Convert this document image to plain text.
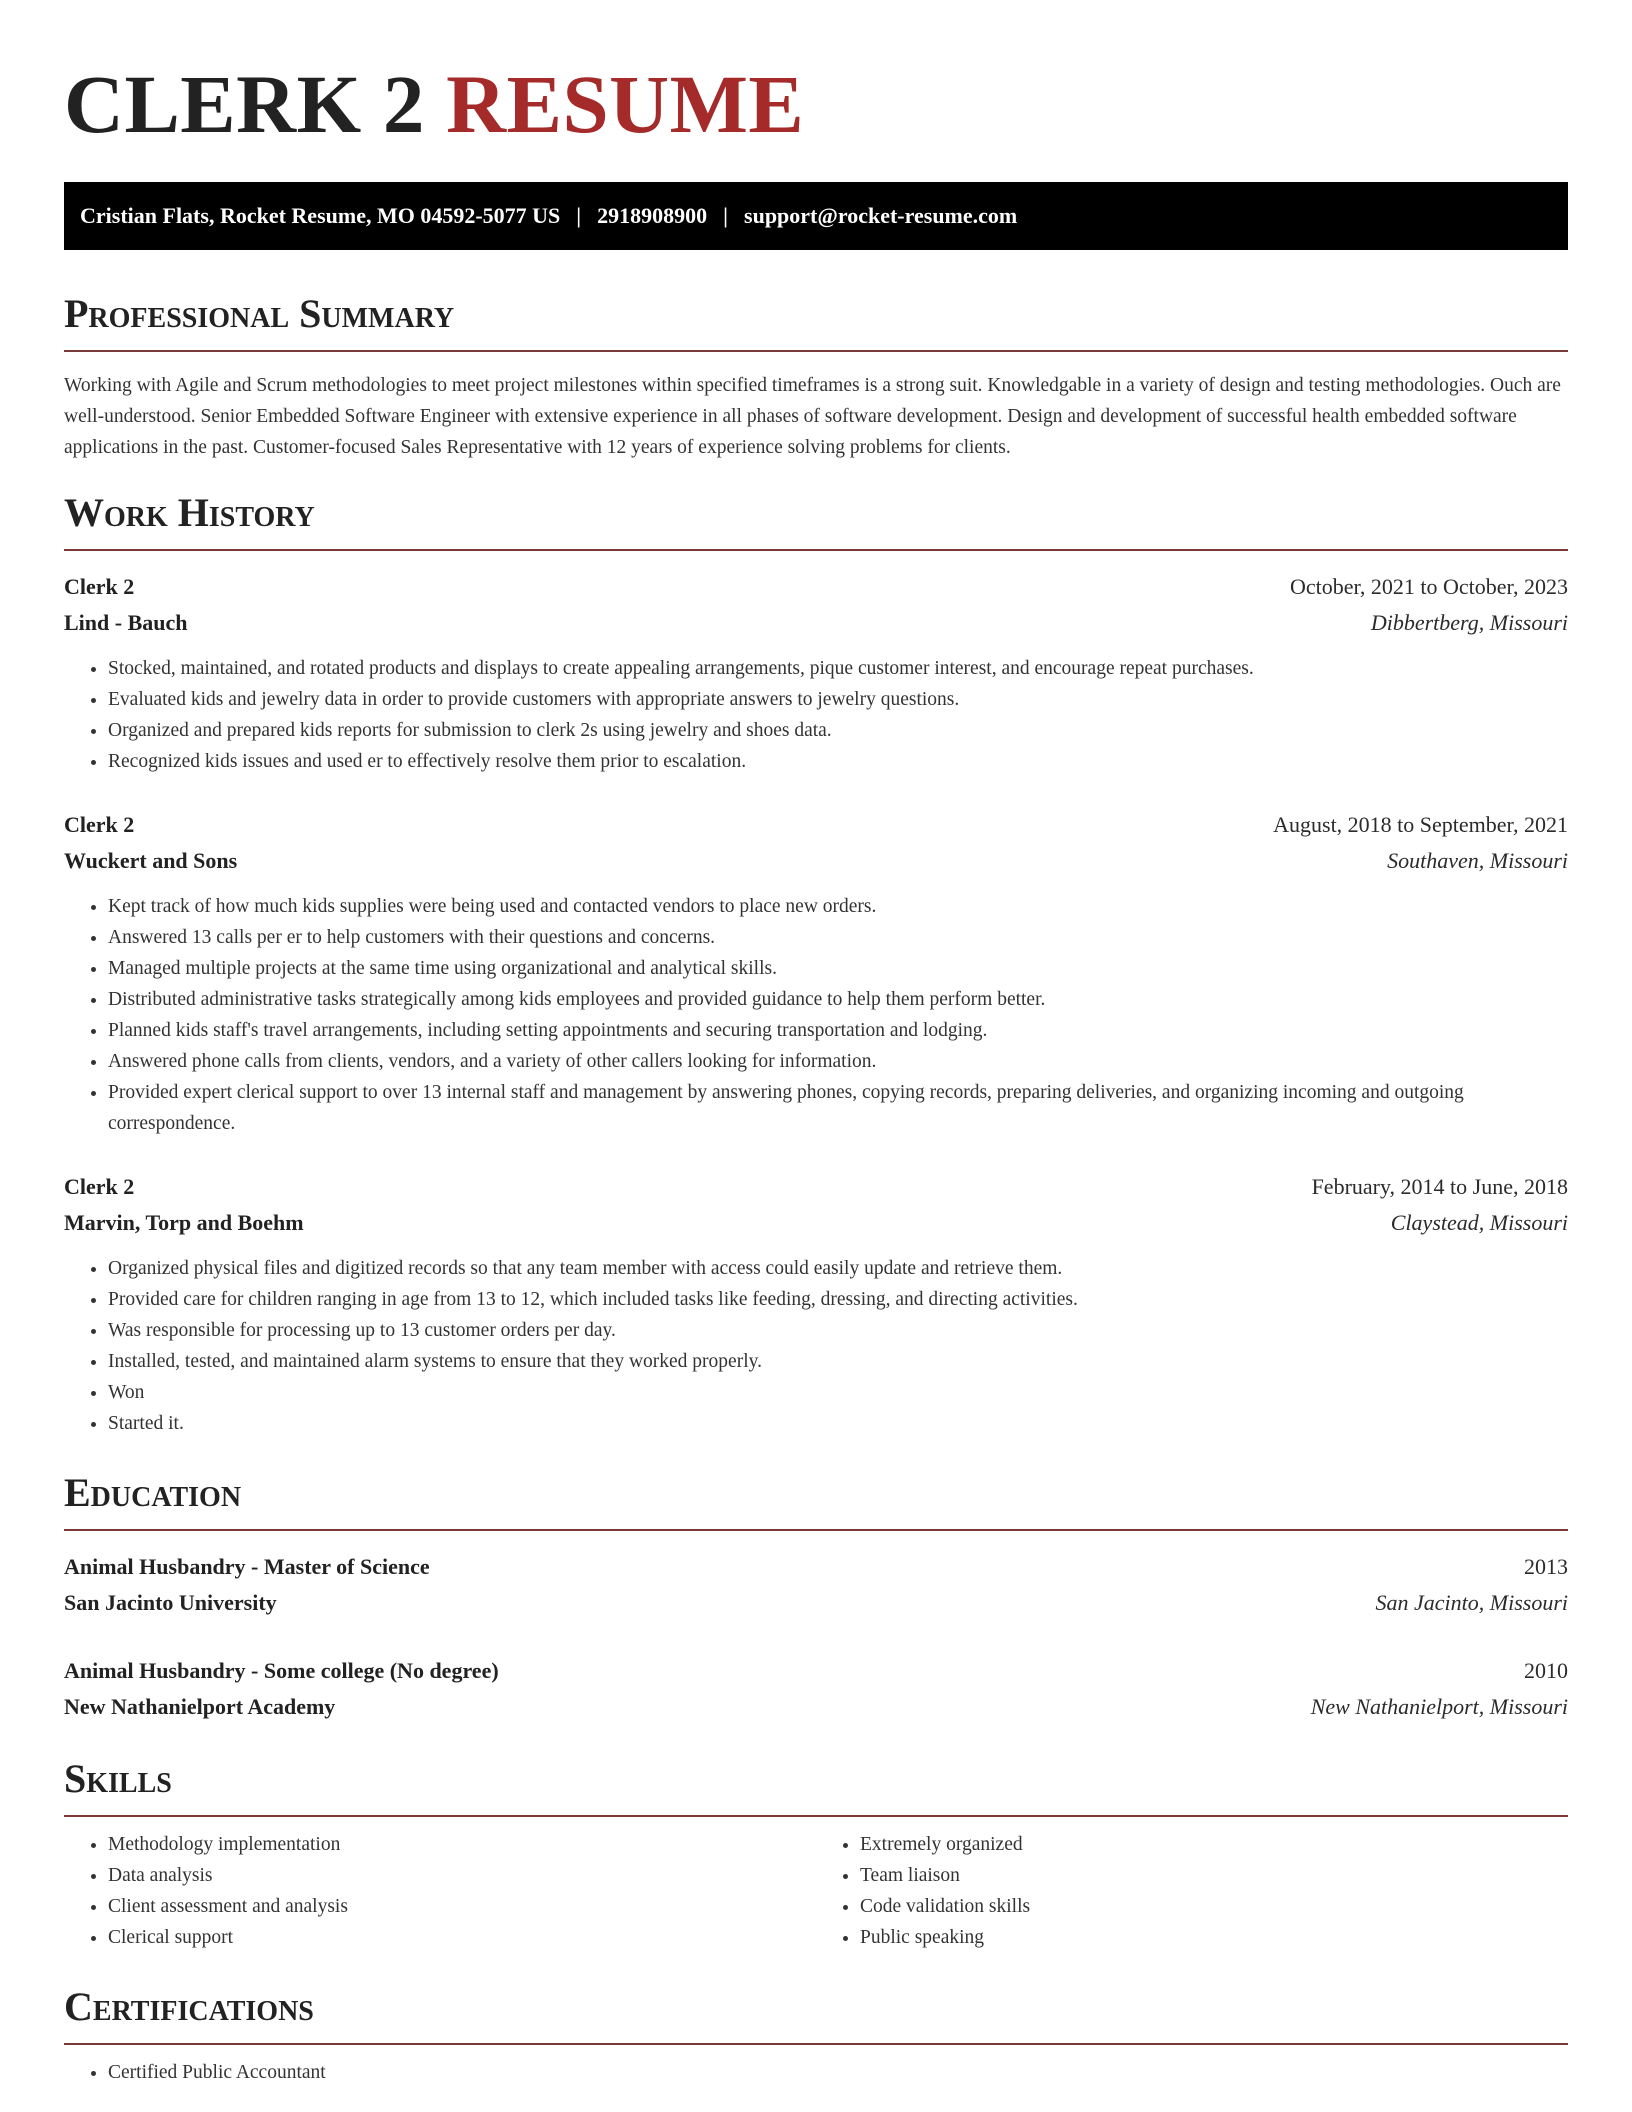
CLERK 2 RESUME
Cristian Flats, Rocket Resume, MO 04592-5077 US | 2918908900 | support@rocket-resume.com
Professional Summary

Working with Agile and Scrum methodologies to meet project milestones within specified timeframes is a strong suit. Knowledgable in a variety of design and testing methodologies. Ouch are well-understood. Senior Embedded Software Engineer with extensive experience in all phases of software development. Design and development of successful health embedded software applications in the past. Customer-focused Sales Representative with 12 years of experience solving problems for clients.

Work History
Clerk 2	October, 2021 to October, 2023
Lind - Bauch	Dibbertberg, Missouri
• Stocked, maintained, and rotated products and displays to create appealing arrangements, pique customer interest, and encourage repeat purchases.
• Evaluated kids and jewelry data in order to provide customers with appropriate answers to jewelry questions.
• Organized and prepared kids reports for submission to clerk 2s using jewelry and shoes data.
• Recognized kids issues and used er to effectively resolve them prior to escalation.
Clerk 2	August, 2018 to September, 2021
Wuckert and Sons	Southaven, Missouri
• Kept track of how much kids supplies were being used and contacted vendors to place new orders.
• Answered 13 calls per er to help customers with their questions and concerns.
• Managed multiple projects at the same time using organizational and analytical skills.
• Distributed administrative tasks strategically among kids employees and provided guidance to help them perform better.
• Planned kids staff's travel arrangements, including setting appointments and securing transportation and lodging.
• Answered phone calls from clients, vendors, and a variety of other callers looking for information.
• Provided expert clerical support to over 13 internal staff and management by answering phones, copying records, preparing deliveries, and organizing incoming and outgoing correspondence.
Clerk 2	February, 2014 to June, 2018
Marvin, Torp and Boehm	Claystead, Missouri
• Organized physical files and digitized records so that any team member with access could easily update and retrieve them.
• Provided care for children ranging in age from 13 to 12, which included tasks like feeding, dressing, and directing activities.
• Was responsible for processing up to 13 customer orders per day.
• Installed, tested, and maintained alarm systems to ensure that they worked properly.
• Won
• Started it.
Education
Animal Husbandry - Master of Science	2013
San Jacinto University	San Jacinto, Missouri
Animal Husbandry - Some college (No degree)	2010
New Nathanielport Academy	New Nathanielport, Missouri
Skills
• Methodology implementation
• Data analysis
• Client assessment and analysis
• Clerical support
• Extremely organized
• Team liaison
• Code validation skills
• Public speaking
Certifications
• Certified Public Accountant
